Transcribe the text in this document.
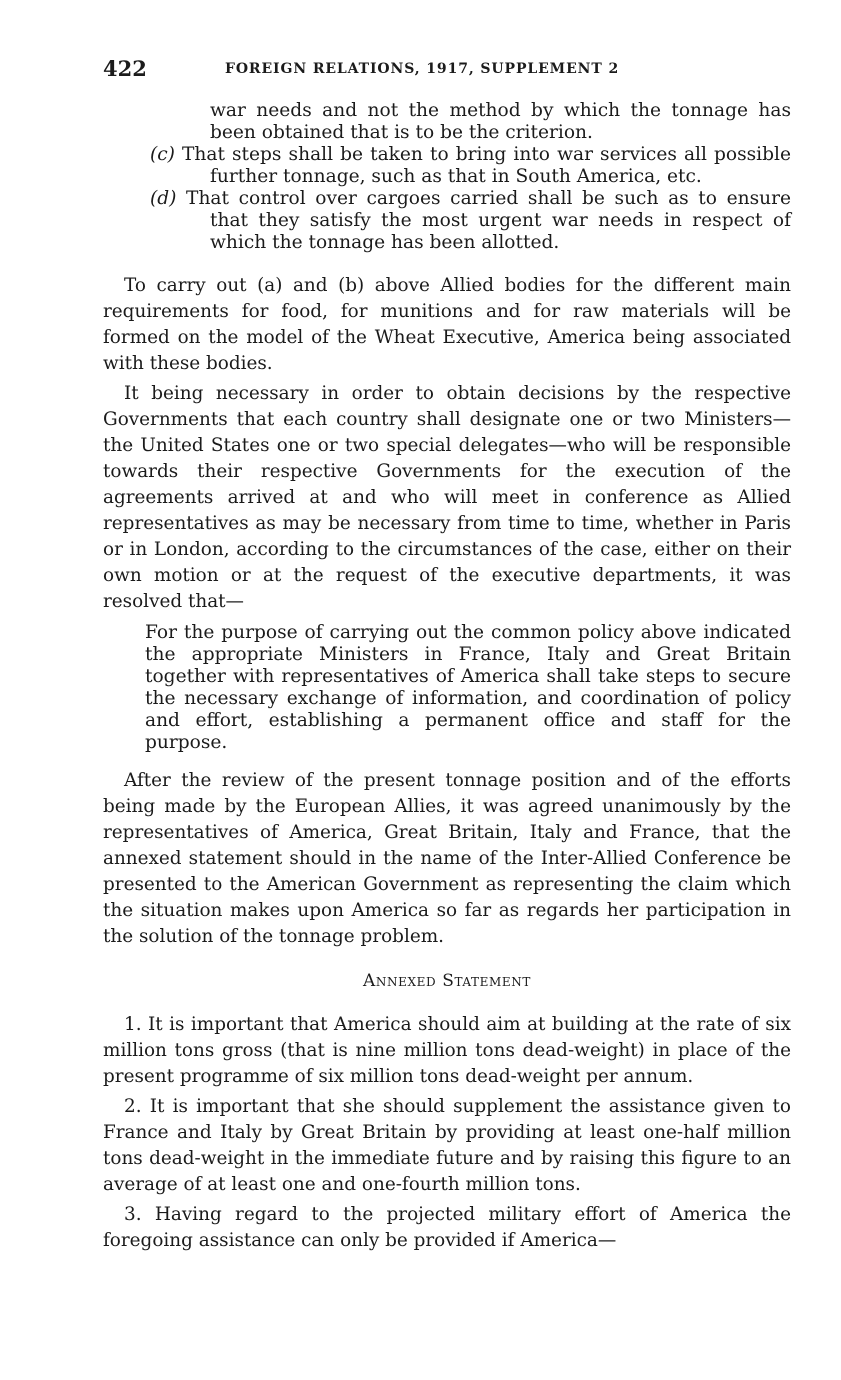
422	FOREIGN RELATIONS, 1917, SUPPLEMENT 2

war needs and not the method by which the tonnage has been obtained that is to be the criterion.

(c) That steps shall be taken to bring into war services all possible further tonnage, such as that in South America, etc.

(d) That control over cargoes carried shall be such as to ensure that they satisfy the most urgent war needs in respect of which the tonnage has been allotted.

To carry out (a) and (b) above Allied bodies for the different main requirements for food, for munitions and for raw materials will be formed on the model of the Wheat Executive, America being associated with these bodies.

It being necessary in order to obtain decisions by the respective Governments that each country shall designate one or two Ministers—the United States one or two special delegates—who will be responsible towards their respective Governments for the execution of the agreements arrived at and who will meet in conference as Allied representatives as may be necessary from time to time, whether in Paris or in London, according to the circumstances of the case, either on their own motion or at the request of the executive departments, it was resolved that—

For the purpose of carrying out the common policy above indicated the appropriate Ministers in France, Italy and Great Britain together with representatives of America shall take steps to secure the necessary exchange of information, and coordination of policy and effort, establishing a permanent office and staff for the purpose.

After the review of the present tonnage position and of the efforts being made by the European Allies, it was agreed unanimously by the representatives of America, Great Britain, Italy and France, that the annexed statement should in the name of the Inter-Allied Conference be presented to the American Government as representing the claim which the situation makes upon America so far as regards her participation in the solution of the tonnage problem.

Annexed Statement

1. It is important that America should aim at building at the rate of six million tons gross (that is nine million tons dead-weight) in place of the present programme of six million tons dead-weight per annum.

2. It is important that she should supplement the assistance given to France and Italy by Great Britain by providing at least one-half million tons dead-weight in the immediate future and by raising this figure to an average of at least one and one-fourth million tons.

3. Having regard to the projected military effort of America the foregoing assistance can only be provided if America—
